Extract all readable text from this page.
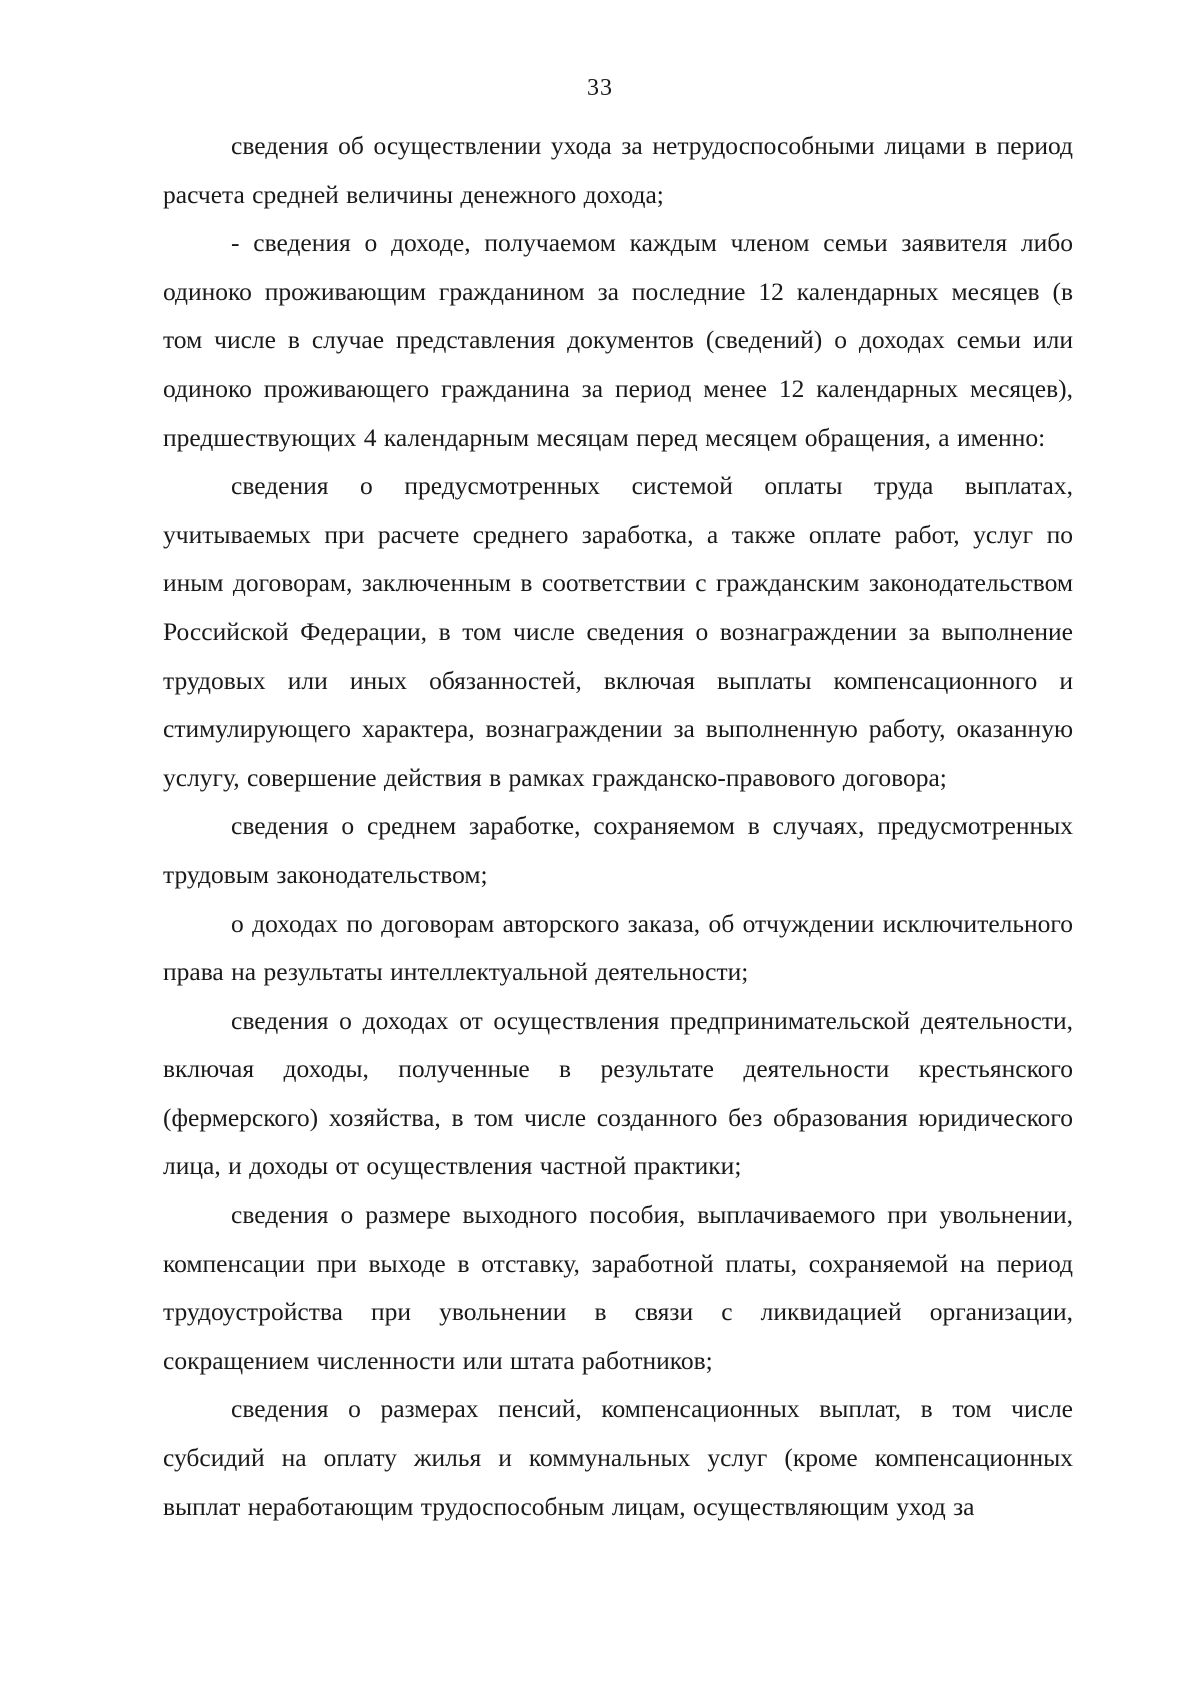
33

сведения об осуществлении ухода за нетрудоспособными лицами в период расчета средней величины денежного дохода;

- сведения о доходе, получаемом каждым членом семьи заявителя либо одиноко проживающим гражданином за последние 12 календарных месяцев (в том числе в случае представления документов (сведений) о доходах семьи или одиноко проживающего гражданина за период менее 12 календарных месяцев), предшествующих 4 календарным месяцам перед месяцем обращения, а именно:

сведения о предусмотренных системой оплаты труда выплатах, учитываемых при расчете среднего заработка, а также оплате работ, услуг по иным договорам, заключенным в соответствии с гражданским законодательством Российской Федерации, в том числе сведения о вознаграждении за выполнение трудовых или иных обязанностей, включая выплаты компенсационного и стимулирующего характера, вознаграждении за выполненную работу, оказанную услугу, совершение действия в рамках гражданско-правового договора;

сведения о среднем заработке, сохраняемом в случаях, предусмотренных трудовым законодательством;

о доходах по договорам авторского заказа, об отчуждении исключительного права на результаты интеллектуальной деятельности;

сведения о доходах от осуществления предпринимательской деятельности, включая доходы, полученные в результате деятельности крестьянского (фермерского) хозяйства, в том числе созданного без образования юридического лица, и доходы от осуществления частной практики;

сведения о размере выходного пособия, выплачиваемого при увольнении, компенсации при выходе в отставку, заработной платы, сохраняемой на период трудоустройства при увольнении в связи с ликвидацией организации, сокращением численности или штата работников;

сведения о размерах пенсий, компенсационных выплат, в том числе субсидий на оплату жилья и коммунальных услуг (кроме компенсационных выплат неработающим трудоспособным лицам, осуществляющим уход за
